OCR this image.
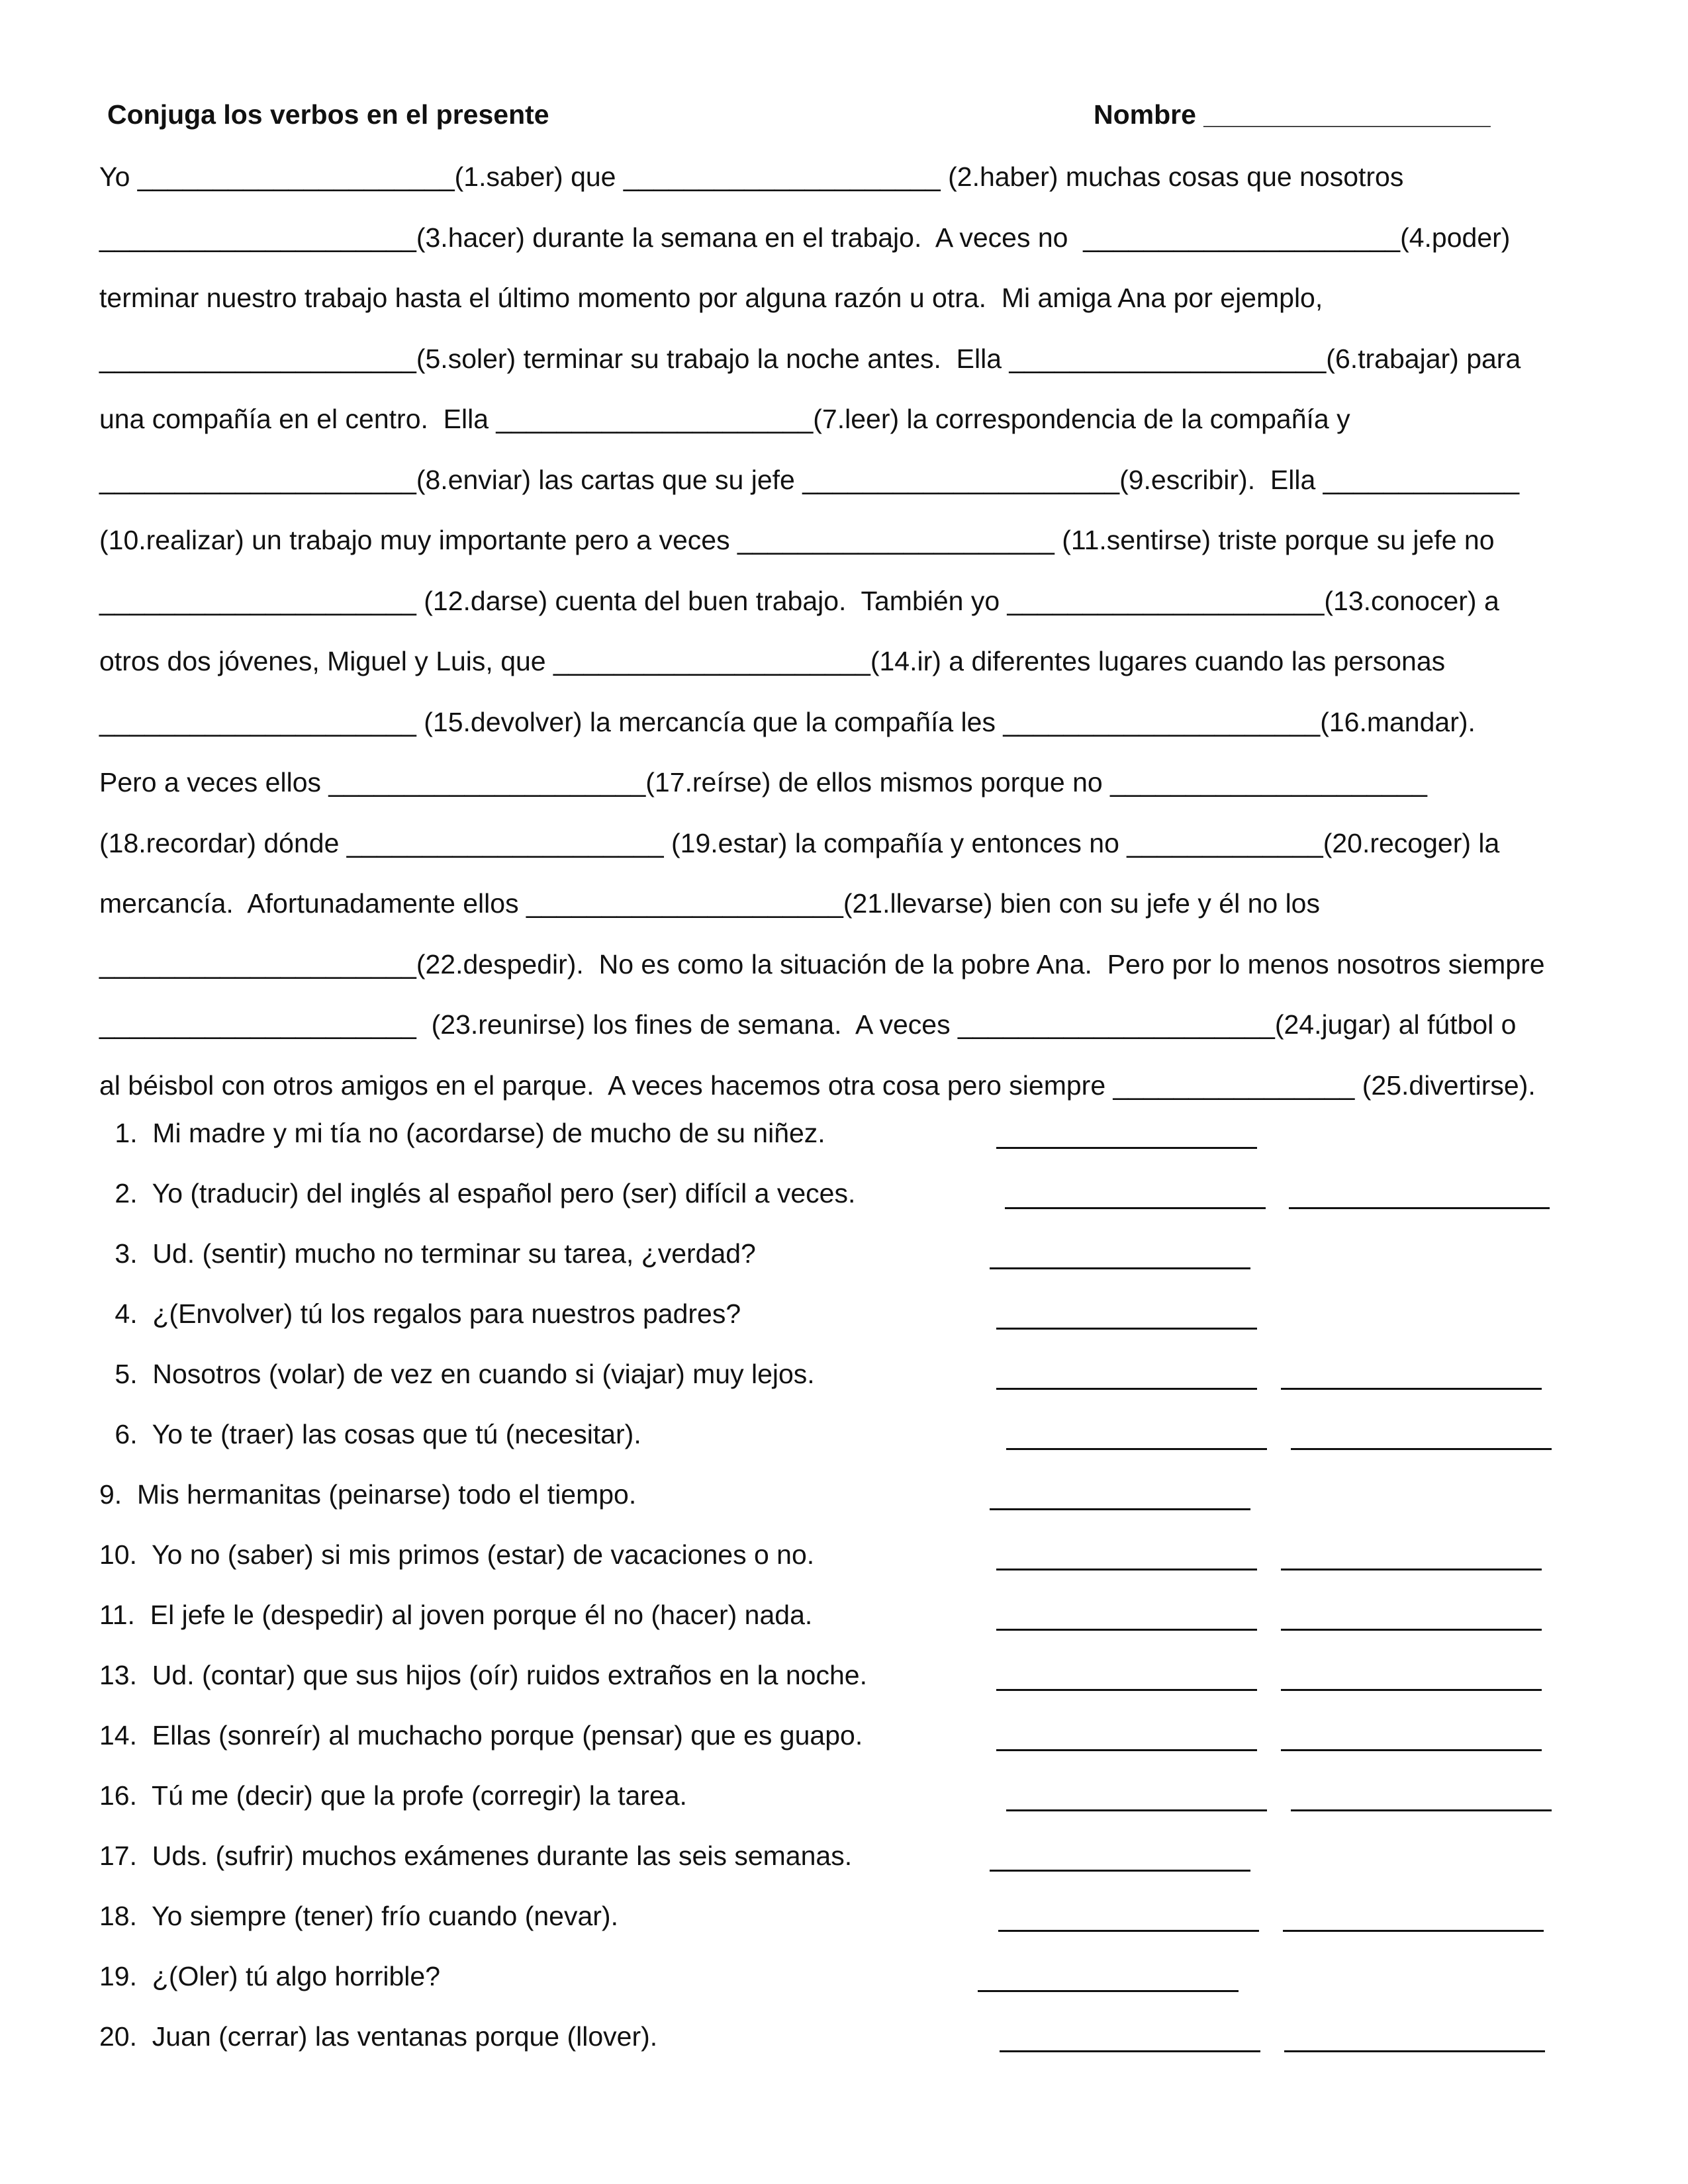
Conjuga los verbos en el presente	Nombre ___________________
Yo _____________________(1.saber) que _____________________ (2.haber) muchas cosas que nosotros
_____________________(3.hacer) durante la semana en el trabajo.  A veces no  _____________________(4.poder)
terminar nuestro trabajo hasta el último momento por alguna razón u otra.  Mi amiga Ana por ejemplo,
_____________________(5.soler) terminar su trabajo la noche antes.  Ella _____________________(6.trabajar) para
una compañía en el centro.  Ella _____________________(7.leer) la correspondencia de la compañía y
_____________________(8.enviar) las cartas que su jefe _____________________(9.escribir).  Ella _____________
(10.realizar) un trabajo muy importante pero a veces _____________________ (11.sentirse) triste porque su jefe no
_____________________ (12.darse) cuenta del buen trabajo.  También yo _____________________(13.conocer) a
otros dos jóvenes, Miguel y Luis, que _____________________(14.ir) a diferentes lugares cuando las personas
_____________________ (15.devolver) la mercancía que la compañía les _____________________(16.mandar).
Pero a veces ellos _____________________(17.reírse) de ellos mismos porque no _____________________
(18.recordar) dónde _____________________ (19.estar) la compañía y entonces no _____________(20.recoger) la
mercancía.  Afortunadamente ellos _____________________(21.llevarse) bien con su jefe y él no los
_____________________(22.despedir).  No es como la situación de la pobre Ana.  Pero por lo menos nosotros siempre
_____________________  (23.reunirse) los fines de semana.  A veces _____________________(24.jugar) al fútbol o
al béisbol con otros amigos en el parque.  A veces hacemos otra cosa pero siempre ________________ (25.divertirse).
1.  Mi madre y mi tía no (acordarse) de mucho de su niñez.
2.  Yo (traducir) del inglés al español pero (ser) difícil a veces.
3.  Ud. (sentir) mucho no terminar su tarea, ¿verdad?
4.  ¿(Envolver) tú los regalos para nuestros padres?
5.  Nosotros (volar) de vez en cuando si (viajar) muy lejos.
6.  Yo te (traer) las cosas que tú (necesitar).
9.  Mis hermanitas (peinarse) todo el tiempo.
10.  Yo no (saber) si mis primos (estar) de vacaciones o no.
11.  El jefe le (despedir) al joven porque él no (hacer) nada.
13.  Ud. (contar) que sus hijos (oír) ruidos extraños en la noche.
14.  Ellas (sonreír) al muchacho porque (pensar) que es guapo.
16.  Tú me (decir) que la profe (corregir) la tarea.
17.  Uds. (sufrir) muchos exámenes durante las seis semanas.
18.  Yo siempre (tener) frío cuando (nevar).
19.  ¿(Oler) tú algo horrible?
20.  Juan (cerrar) las ventanas porque (llover).
